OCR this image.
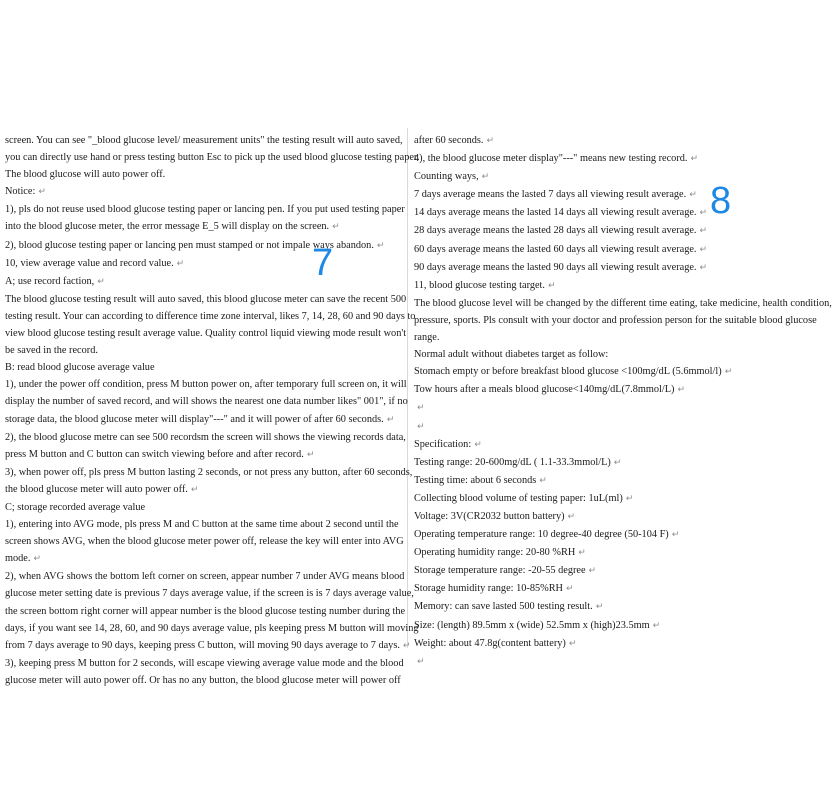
screen. You can see "_blood glucose level/ measurement units" the testing result will auto saved,
you can directly use hand or press testing button Esc to pick up the used blood glucose testing paper.
The blood glucose will auto power off.
Notice: ↵
1), pls do not reuse used blood glucose testing paper or lancing pen. If you put used testing paper
into the blood glucose meter, the error message E_5 will display on the screen. ↵
2), blood glucose testing paper or lancing pen must stamped or not impale ways abandon. ↵
10, view average value and record value. ↵
A; use record faction, ↵
The blood glucose testing result will auto saved, this blood glucose meter can save the recent 500
testing result. Your can according to difference time zone interval, likes 7, 14, 28, 60 and 90 days to
view blood glucose testing result average value. Quality control liquid viewing mode result won't
be saved in the record.
B: read blood glucose average value
1), under the power off condition, press M button power on, after temporary full screen on, it will
display the number of saved record, and will shows the nearest one data number likes" 001", if no
storage data, the blood glucose meter will display"---" and it will power of after 60 seconds. ↵
2), the blood glucose metre can see 500 recordsm the screen will shows the viewing records data,
press M button and C button can switch viewing before and after record. ↵
3), when power off, pls press M button lasting 2 seconds, or not press any button, after 60 seconds,
the blood glucose meter will auto power off. ↵
C; storage recorded average value
1), entering into AVG mode, pls press M and C button at the same time about 2 second until the
screen shows AVG, when the blood glucose meter power off, release the key will enter into AVG
mode. ↵
2), when AVG shows the bottom left corner on screen, appear number 7 under AVG means blood
glucose meter setting date is previous 7 days average value, if the screen is is 7 days average value,
the screen bottom right corner will appear number is the blood glucose testing number during the
days, if you want see 14, 28, 60, and 90 days average value, pls keeping press M button will moving
from 7 days average to 90 days, keeping press C button, will moving 90 days average to 7 days. ↵
3), keeping press M button for 2 seconds, will escape viewing average value mode and the blood
glucose meter will auto power off. Or has no any button, the blood glucose meter will power off
after 60 seconds. ↵
4), the blood glucose meter display"---" means new testing record. ↵
Counting ways, ↵
7 days average means the lasted 7 days all viewing result average. ↵
14 days average means the lasted 14 days all viewing result average. ↵
28 days average means the lasted 28 days all viewing result average. ↵
60 days average means the lasted 60 days all viewing result average. ↵
90 days average means the lasted 90 days all viewing result average. ↵
11, blood glucose testing target. ↵
The blood glucose level will be changed by the different time eating, take medicine, health condition,
pressure, sports. Pls consult with your doctor and profession person for the suitable blood glucose
range.
Normal adult without diabetes target as follow:
Stomach empty or before breakfast blood glucose <100mg/dL (5.6mmol/l) ↵
Tow hours after a meals blood glucose<140mg/dL(7.8mmol/L) ↵
↵
↵
Specification: ↵
Testing range: 20-600mg/dL ( 1.1-33.3mmol/L) ↵
Testing time: about 6 seconds ↵
Collecting blood volume of testing paper: 1uL(ml) ↵
Voltage: 3V(CR2032 button battery) ↵
Operating temperature range: 10 degree-40 degree (50-104 F) ↵
Operating humidity range: 20-80 %RH ↵
Storage temperature range: -20-55 degree ↵
Storage humidity range: 10-85%RH ↵
Memory: can save lasted 500 testing result. ↵
Size: (length) 89.5mm x (wide) 52.5mm x (high)23.5mm ↵
Weight: about 47.8g(content battery) ↵
↵
7
8
